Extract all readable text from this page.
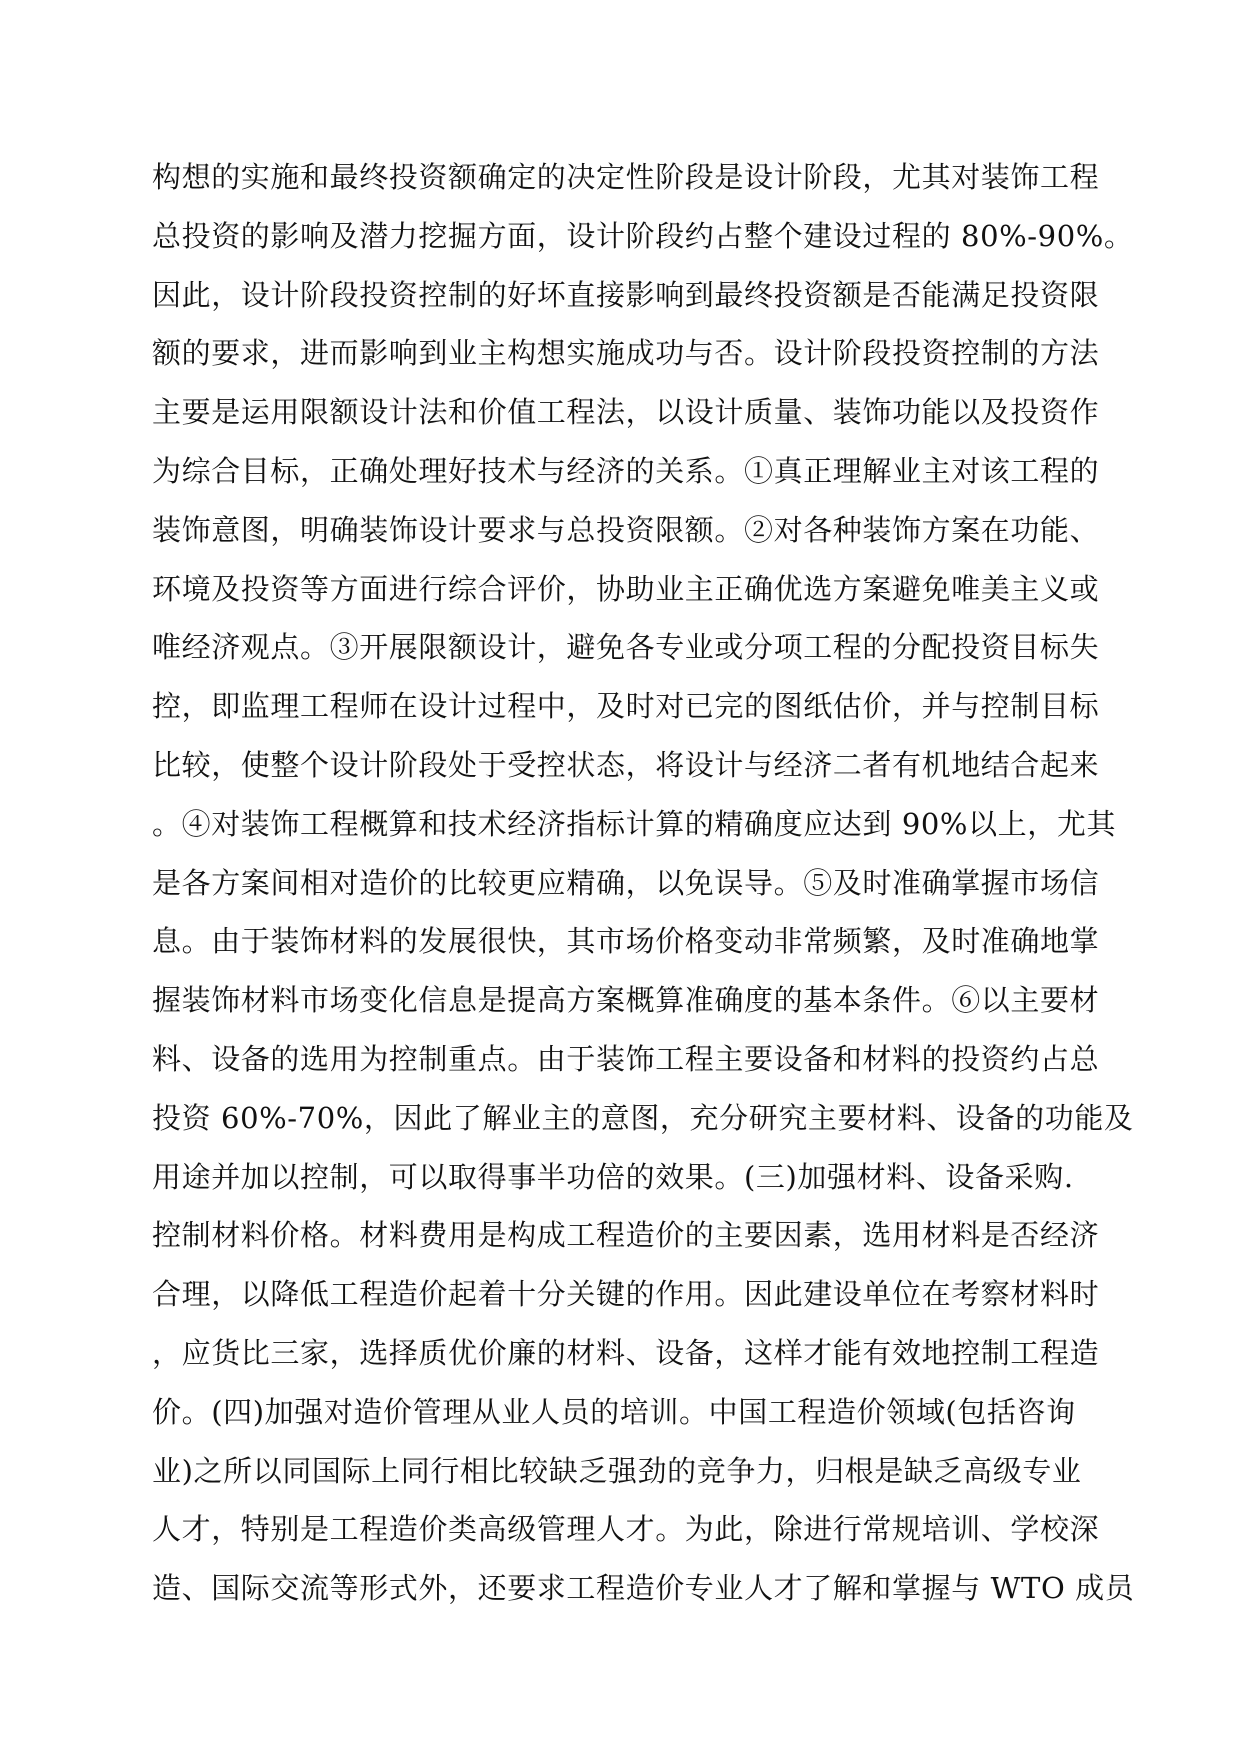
构想的实施和最终投资额确定的决定性阶段是设计阶段，尤其对装饰工程
总投资的影响及潜力挖掘方面，设计阶段约占整个建设过程的 80%-90%。
因此，设计阶段投资控制的好坏直接影响到最终投资额是否能满足投资限
额的要求，进而影响到业主构想实施成功与否。设计阶段投资控制的方法
主要是运用限额设计法和价值工程法，以设计质量、装饰功能以及投资作
为综合目标，正确处理好技术与经济的关系。①真正理解业主对该工程的
装饰意图，明确装饰设计要求与总投资限额。②对各种装饰方案在功能、
环境及投资等方面进行综合评价，协助业主正确优选方案避免唯美主义或
唯经济观点。③开展限额设计，避免各专业或分项工程的分配投资目标失
控，即监理工程师在设计过程中，及时对已完的图纸估价，并与控制目标
比较，使整个设计阶段处于受控状态，将设计与经济二者有机地结合起来
。④对装饰工程概算和技术经济指标计算的精确度应达到 90%以上，尤其
是各方案间相对造价的比较更应精确，以免误导。⑤及时准确掌握市场信
息。由于装饰材料的发展很快，其市场价格变动非常频繁，及时准确地掌
握装饰材料市场变化信息是提高方案概算准确度的基本条件。⑥以主要材
料、设备的选用为控制重点。由于装饰工程主要设备和材料的投资约占总
投资 60%-70%，因此了解业主的意图，充分研究主要材料、设备的功能及
用途并加以控制，可以取得事半功倍的效果。(三)加强材料、设备采购.
控制材料价格。材料费用是构成工程造价的主要因素，选用材料是否经济
合理，以降低工程造价起着十分关键的作用。因此建设单位在考察材料时
，应货比三家，选择质优价廉的材料、设备，这样才能有效地控制工程造
价。(四)加强对造价管理从业人员的培训。中国工程造价领域(包括咨询
业)之所以同国际上同行相比较缺乏强劲的竞争力，归根是缺乏高级专业
人才，特别是工程造价类高级管理人才。为此，除进行常规培训、学校深
造、国际交流等形式外，还要求工程造价专业人才了解和掌握与 WTO 成员
